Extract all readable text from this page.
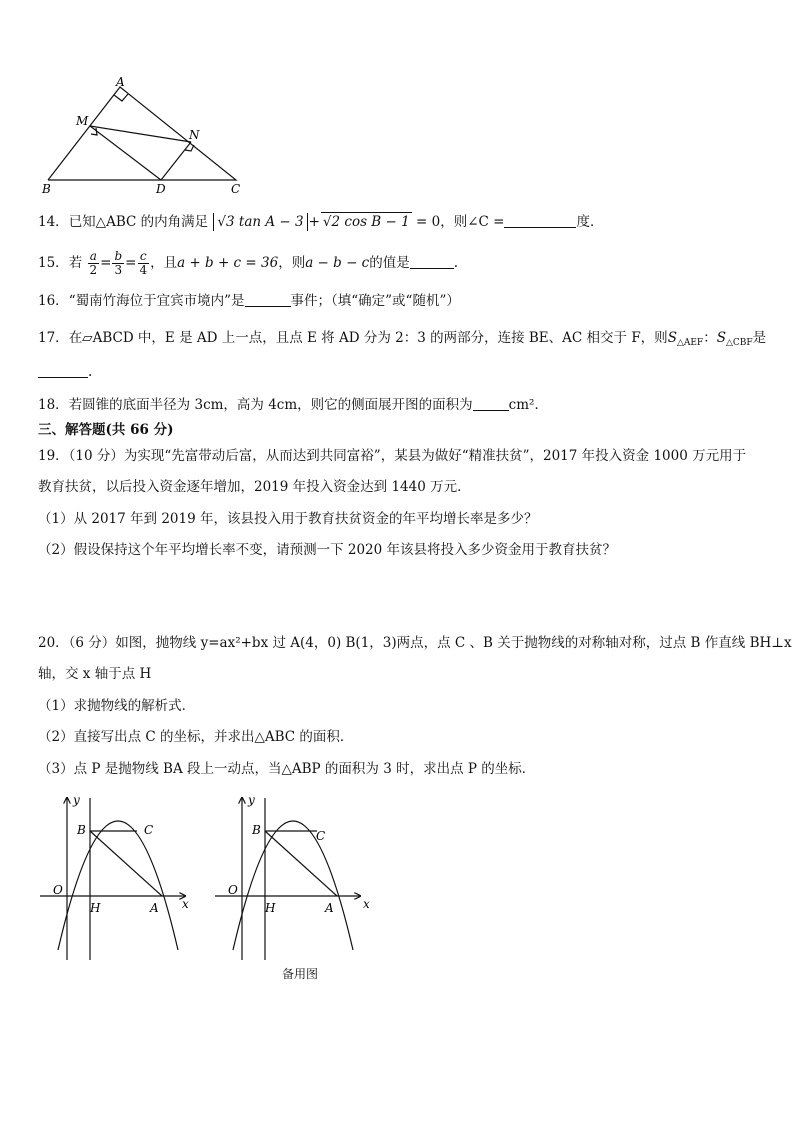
A
M
N
B	D	C
14．已知△ABC 的内角满足 √3 tan A − 3 + √2 cos B − 1 = 0，则∠C =	度．
15．若 $\frac{a}{2} = \frac{b}{3} = \frac{c}{4}$ ，且a + b + c = 36，则a − b − c的值是	.
16．“蜀南竹海位于宜宾市境内”是	事件；（填“确定”或“随机”）
17．在▱ABCD 中，E 是 AD 上一点，且点 E 将 AD 分为 2：3 的两部分，连接 BE、AC 相交于 F，则$S_{\triangle AEF}$：$S_{\triangle CBF}$是
.
18．若圆锥的底面半径为 3cm，高为 4cm，则它的侧面展开图的面积为	cm²．
三、解答题(共 66 分)
19．（10 分）为实现“先富带动后富，从而达到共同富裕”，某县为做好“精准扶贫”，2017 年投入资金 1000 万元用于
教育扶贫，以后投入资金逐年增加，2019 年投入资金达到 1440 万元．
（1）从 2017 年到 2019 年，该县投入用于教育扶贫资金的年平均增长率是多少？
（2）假设保持这个年平均增长率不变，请预测一下 2020 年该县将投入多少资金用于教育扶贫？
20．（6 分）如图，抛物线 y=ax²+bx 过 A(4，0) B(1，3)两点，点 C 、B 关于抛物线的对称轴对称，过点 B 作直线 BH⊥x
轴，交 x 轴于点 H
（1）求抛物线的解析式．
（2）直接写出点 C 的坐标，并求出△ABC 的面积．
（3）点 P 是抛物线 BA 段上一动点，当△ABP 的面积为 3 时，求出点 P 的坐标．
y
x
B	C
O
H	A
y
x
B	C
O
H	A
备用图
